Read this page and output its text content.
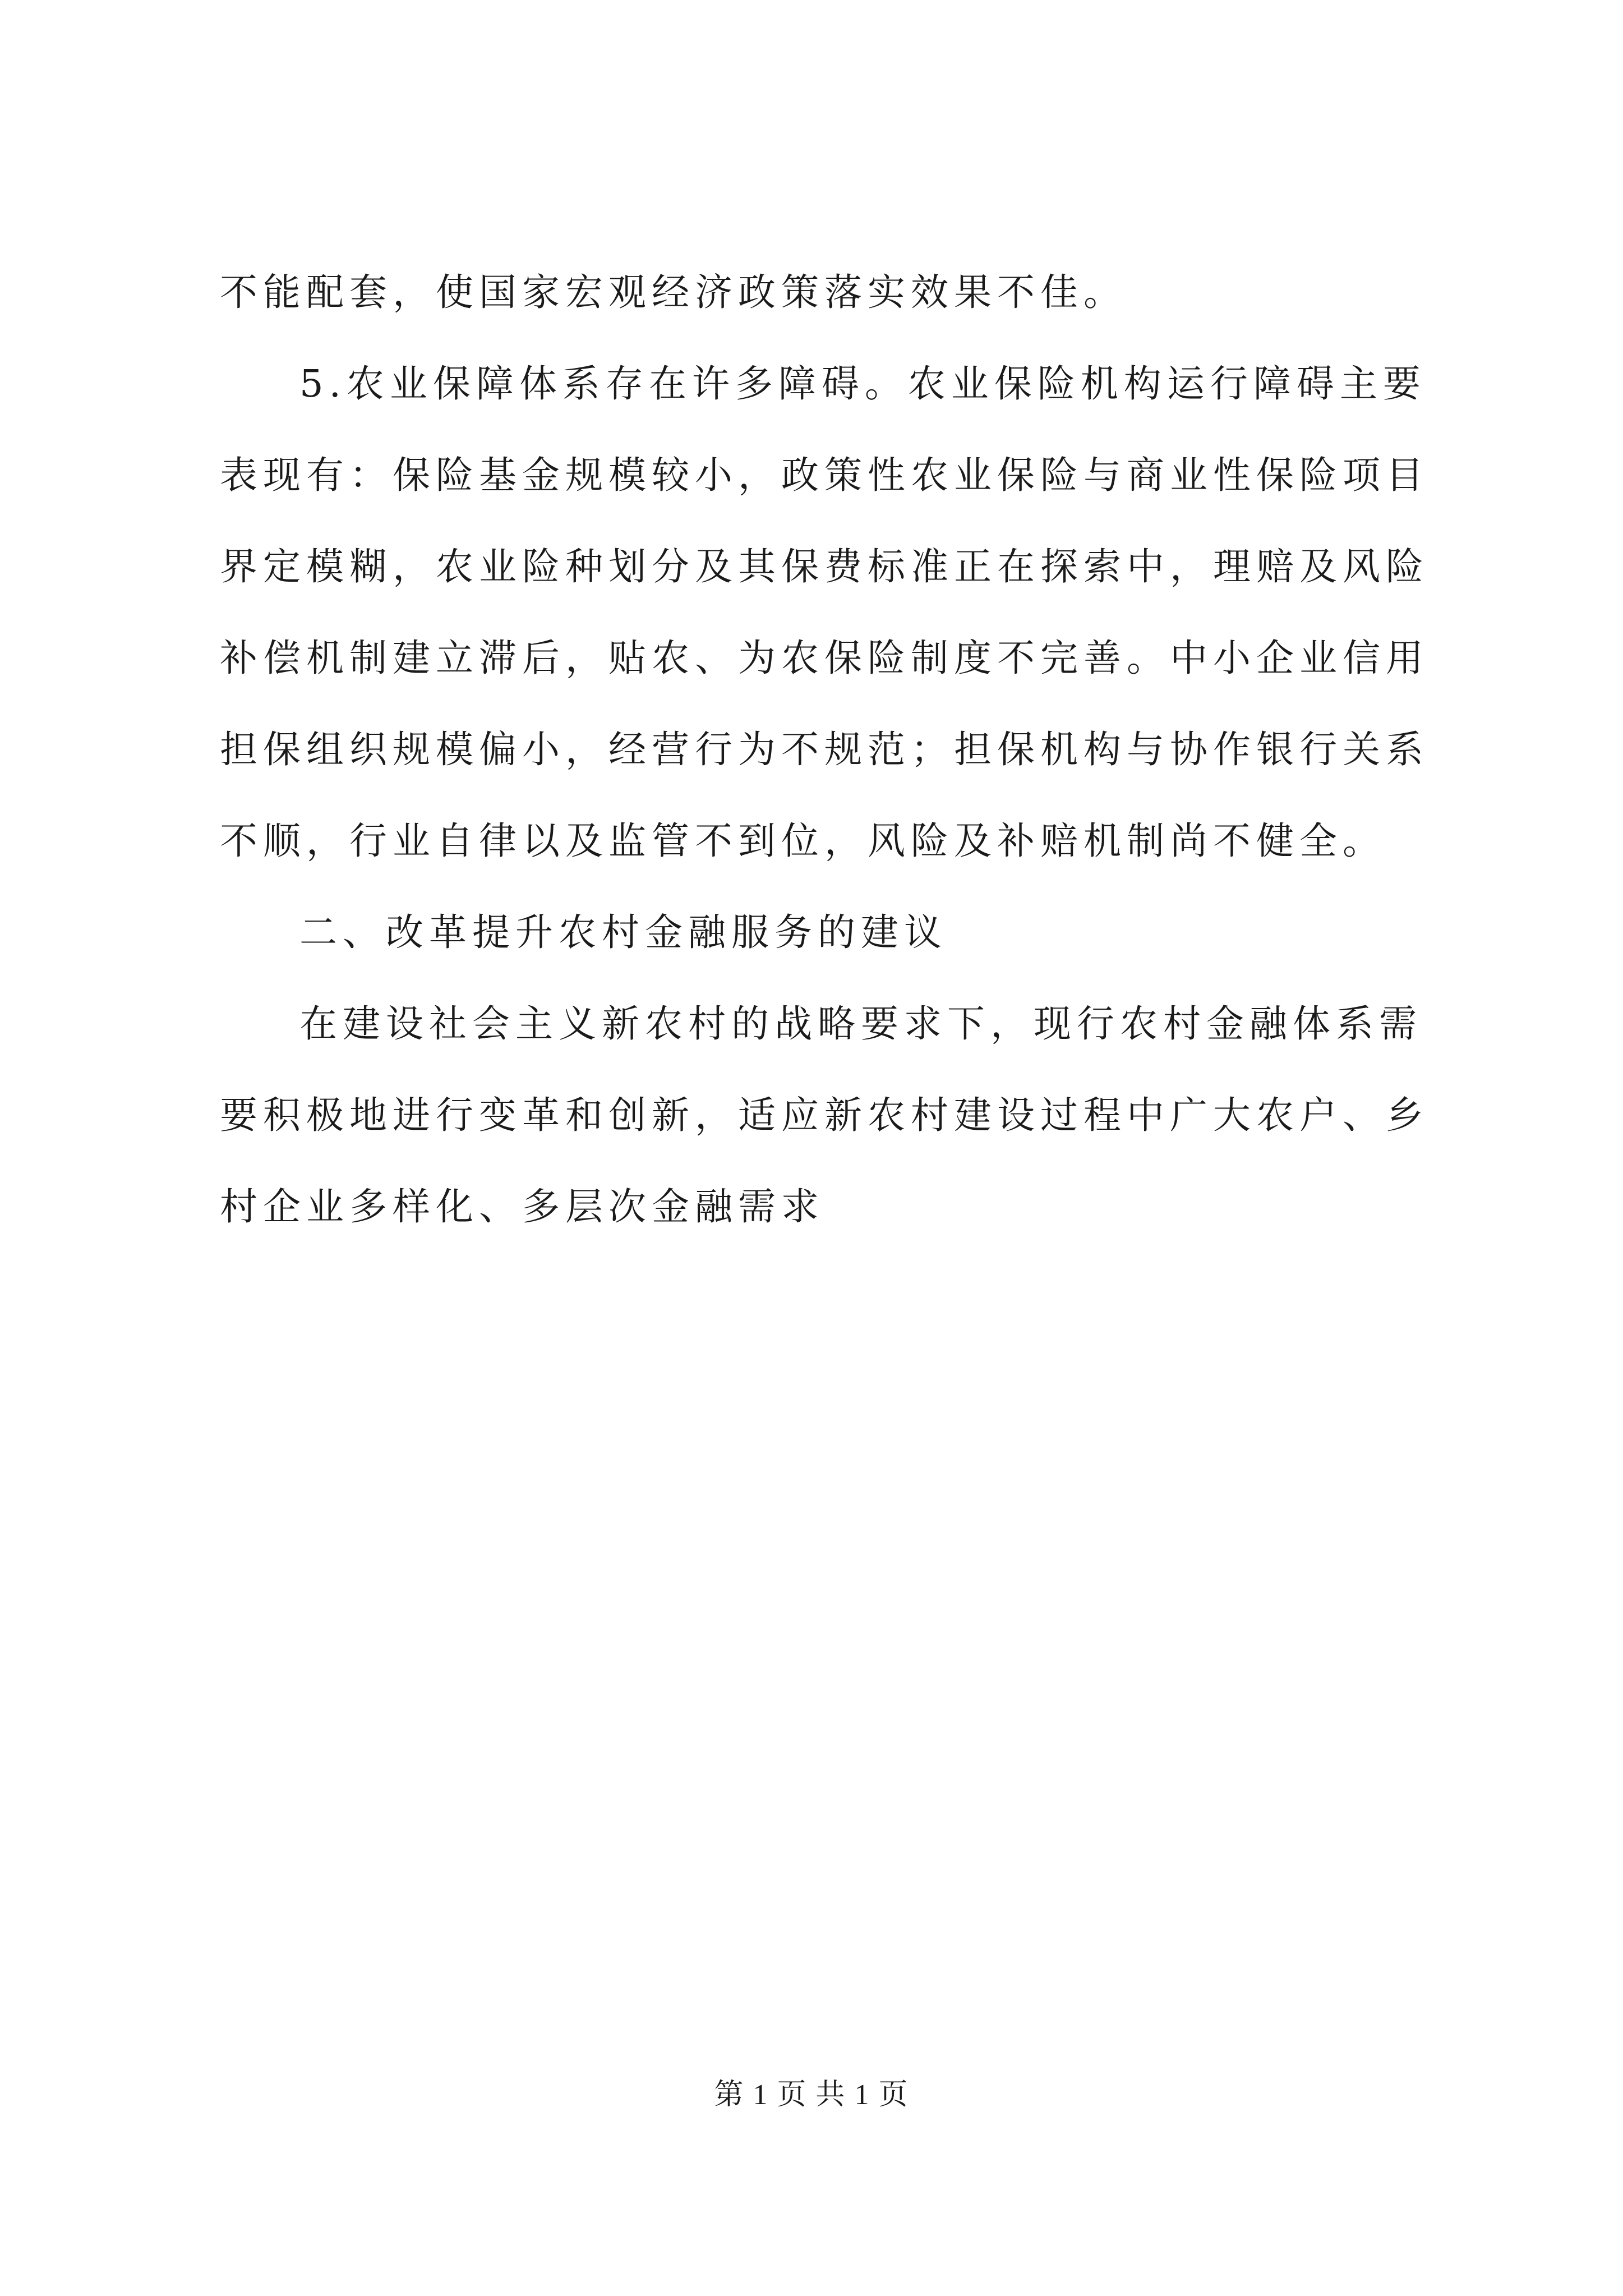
不能配套，使国家宏观经济政策落实效果不佳。
5.农业保障体系存在许多障碍。农业保险机构运行障碍主要
表现有：保险基金规模较小，政策性农业保险与商业性保险项目
界定模糊，农业险种划分及其保费标准正在探索中，理赔及风险
补偿机制建立滞后，贴农、为农保险制度不完善。中小企业信用
担保组织规模偏小，经营行为不规范；担保机构与协作银行关系
不顺，行业自律以及监管不到位，风险及补赔机制尚不健全。
二、改革提升农村金融服务的建议
在建设社会主义新农村的战略要求下，现行农村金融体系需
要积极地进行变革和创新，适应新农村建设过程中广大农户、乡
村企业多样化、多层次金融需求
第 1 页 共 1 页
